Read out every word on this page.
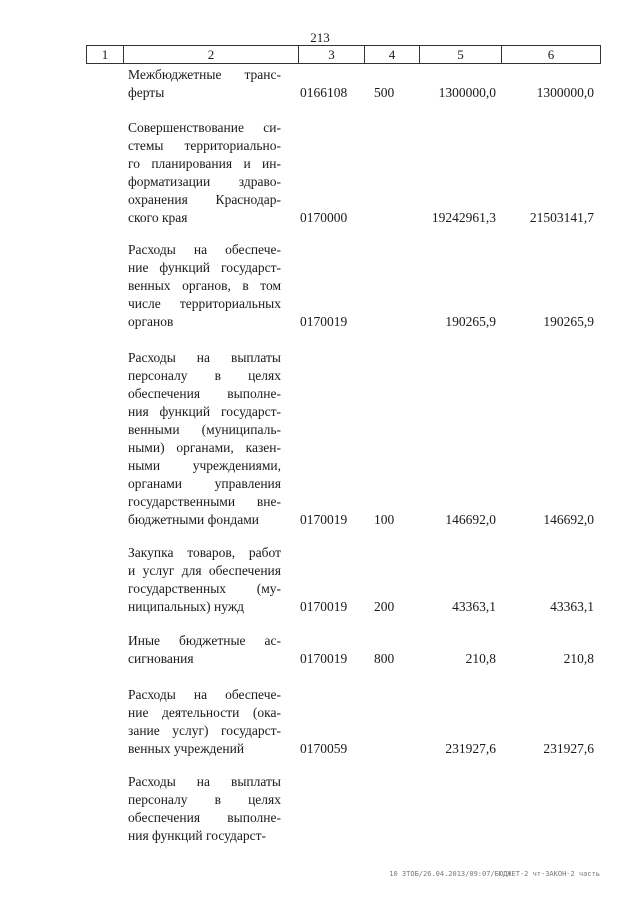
213
1	2	3	4	5	6
Межбюджетные транс-
ферты	0166108 500	1300000,0	1300000,0
Совершенствование си-
стемы территориально-
го планирования и ин-
форматизации здраво-
охранения Краснодар-
ского края	0170000	19242961,3	21503141,7
Расходы на обеспече-
ние функций государст-
венных органов, в том
числе территориальных
органов	0170019	190265,9	190265,9
Расходы на выплаты
персоналу в целях
обеспечения выполне-
ния функций государст-
венными (муниципаль-
ными) органами, казен-
ными учреждениями,
органами управления
государственными вне-
бюджетными фондами	0170019 100	146692,0	146692,0
Закупка товаров, работ
и услуг для обеспечения
государственных (му-
ниципальных) нужд	0170019 200	43363,1	43363,1
Иные бюджетные ас-
сигнования	0170019 800	210,8	210,8
Расходы на обеспече-
ние деятельности (ока-
зание услуг) государст-
венных учреждений	0170059	231927,6	231927,6
Расходы на выплаты
персоналу в целях
обеспечения выполне-
ния функций государст-
10 3ТОБ/26.04.2013/09:07/БЮДЖЕТ-2 чт-ЗАКОН-2 часть
